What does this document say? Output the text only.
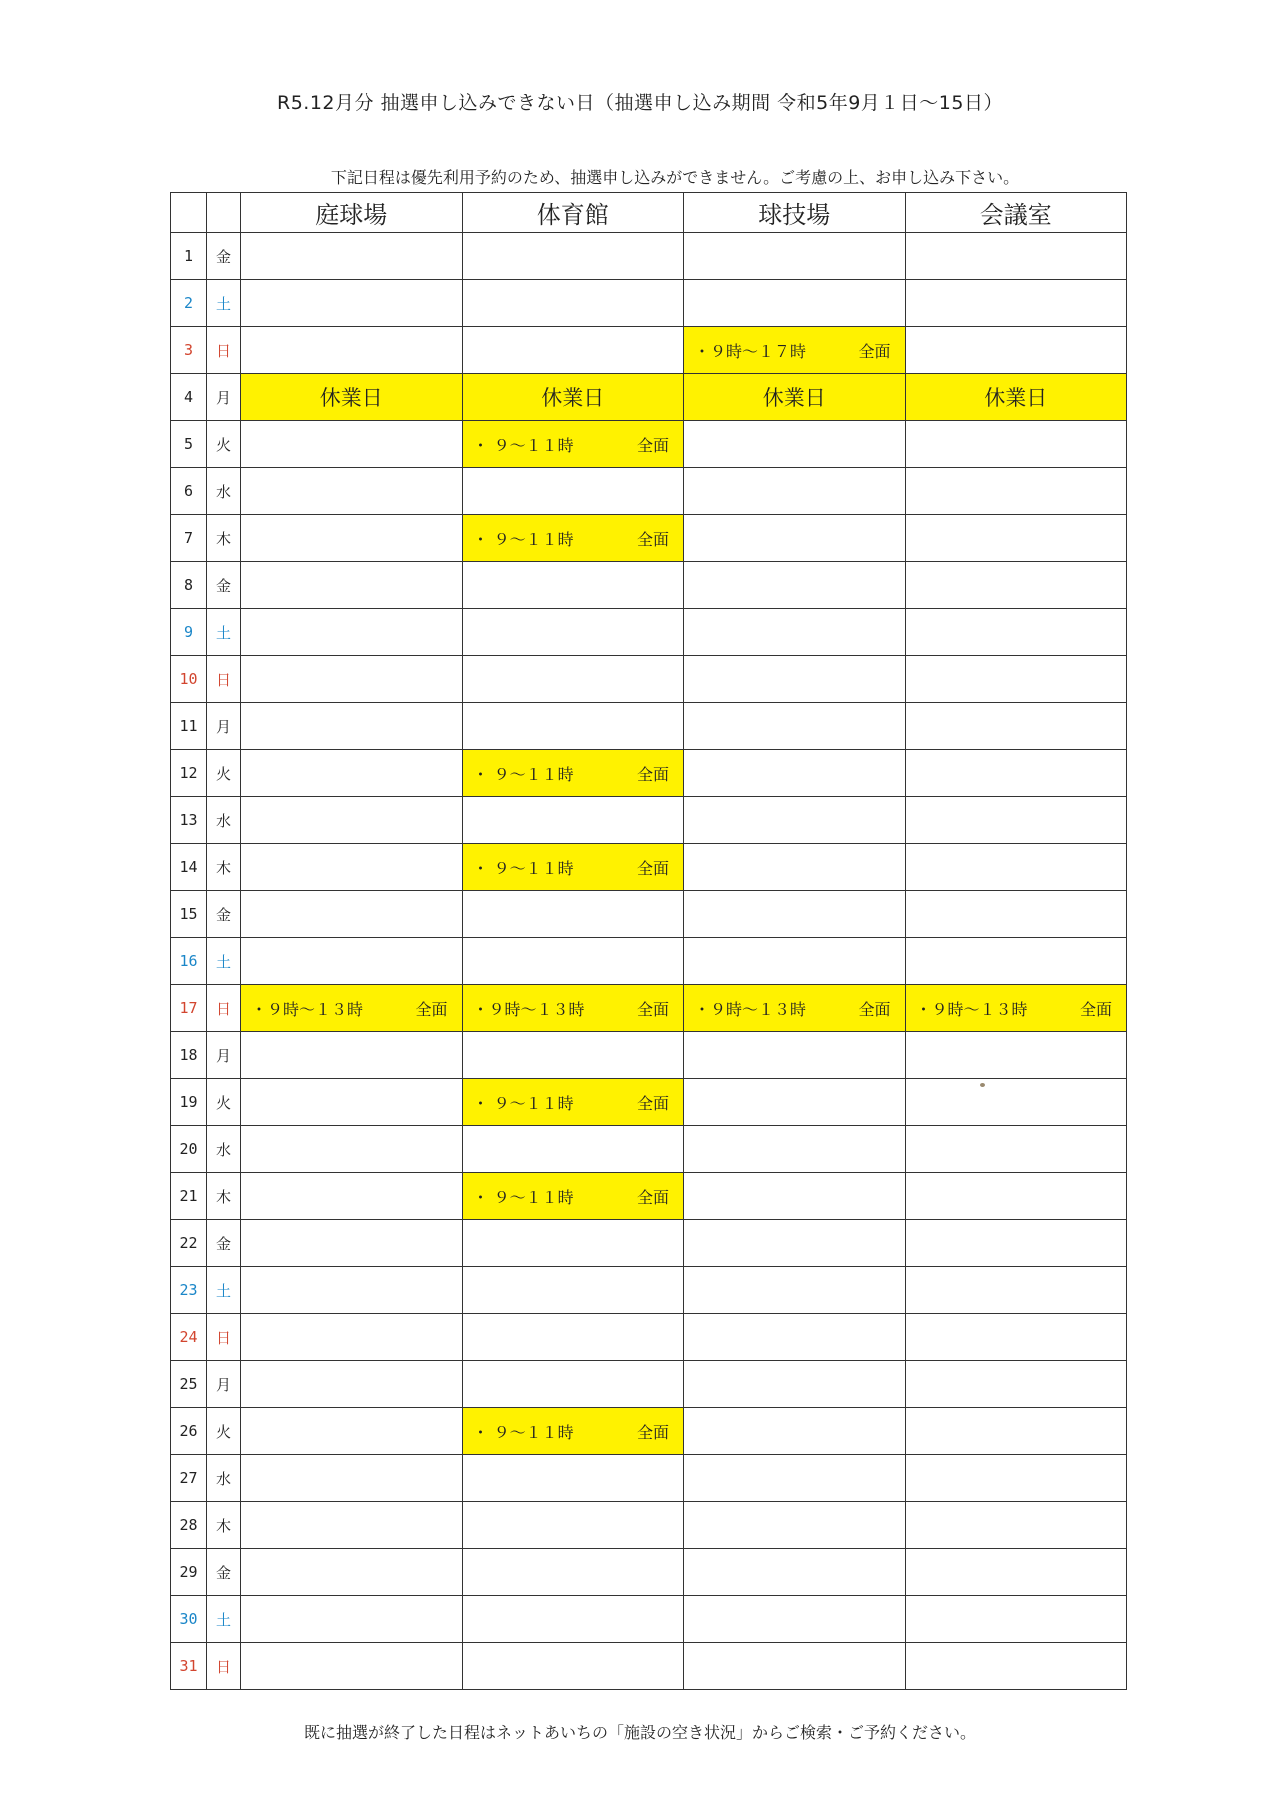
R5.12月分 抽選申し込みできない日（抽選申し込み期間 令和5年9月１日～15日）
下記日程は優先利用予約のため、抽選申し込みができません。ご考慮の上、お申し込み下さい。
		庭球場	体育館	球技場	会議室
1	金				
2	土				
3	日			・９時～１７時 全面	

4	月	休業日	休業日	休業日	休業日

5	火		・ ９～１１時 全面		

6	水				
7	木		・ ９～１１時 全面		

8	金				
9	土				
10	日				
11	月				
12	火		・ ９～１１時 全面		

13	水				
14	木		・ ９～１１時 全面		

15	金				
16	土				
17	日	・９時～１３時 全面	・９時～１３時 全面	・９時～１３時 全面	・９時～１３時 全面

18	月				
19	火		・ ９～１１時 全面		

20	水				
21	木		・ ９～１１時 全面		

22	金				
23	土				
24	日				
25	月				
26	火		・ ９～１１時 全面		

27	水				
28	木				
29	金				
30	土				
31	日				
既に抽選が終了した日程はネットあいちの「施設の空き状況」からご検索・ご予約ください。
